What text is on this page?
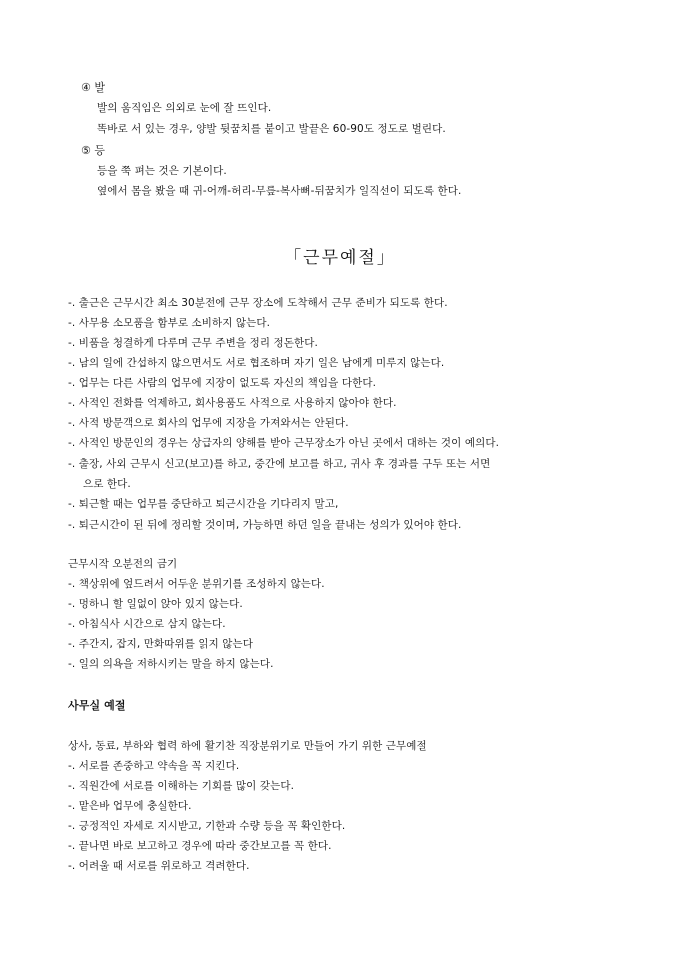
④ 발
발의 움직임은 의외로 눈에 잘 뜨인다.
똑바로 서 있는 경우, 양발 뒷꿈치를 붙이고 발끝은 60-90도 정도로 벌린다.
⑤ 등
등을 쭉 펴는 것은 기본이다.
옆에서 몸을 봤을 때 귀-어깨-허리-무릎-복사뼈-뒤꿈치가 일직선이 되도록 한다.
「근무예절」
-. 출근은 근무시간 최소 30분전에 근무 장소에 도착해서 근무 준비가 되도록 한다.
-. 사무용 소모품을 함부로 소비하지 않는다.
-. 비품을 청결하게 다루며 근무 주변을 정리 정돈한다.
-. 남의 일에 간섭하지 않으면서도 서로 협조하며 자기 일은 남에게 미루지 않는다.
-. 업무는 다른 사람의 업무에 지장이 없도록 자신의 책임을 다한다.
-. 사적인 전화를 억제하고, 회사용품도 사적으로 사용하지 않아야 한다.
-. 사적 방문객으로 회사의 업무에 지장을 가져와서는 안된다.
-. 사적인 방문인의 경우는 상급자의 양해를 받아 근무장소가 아닌 곳에서 대하는 것이 예의다.
-. 출장, 사외 근무시 신고(보고)를 하고, 중간에 보고를 하고, 귀사 후 경과를 구두 또는 서면
으로 한다.
-. 퇴근할 때는 업무를 중단하고 퇴근시간을 기다리지 말고,
-. 퇴근시간이 된 뒤에 정리할 것이며, 가능하면 하던 일을 끝내는 성의가 있어야 한다.
근무시작 오분전의 금기
-. 책상위에 엎드려서 어두운 분위기를 조성하지 않는다.
-. 멍하니 할 일없이 앉아 있지 않는다.
-. 아침식사 시간으로 삼지 않는다.
-. 주간지, 잡지, 만화따위를 읽지 않는다
-. 일의 의욕을 저하시키는 말을 하지 않는다.
사무실 예절
상사, 동료, 부하와 협력 하에 활기찬 직장분위기로 만들어 가기 위한 근무예절
-. 서로를 존중하고 약속을 꼭 지킨다.
-. 직원간에 서로를 이해하는 기회를 많이 갖는다.
-. 맡은바 업무에 충실한다.
-. 긍정적인 자세로 지시받고, 기한과 수량 등을 꼭 확인한다.
-. 끝나면 바로 보고하고 경우에 따라 중간보고를 꼭 한다.
-. 어려울 때 서로를 위로하고 격려한다.
